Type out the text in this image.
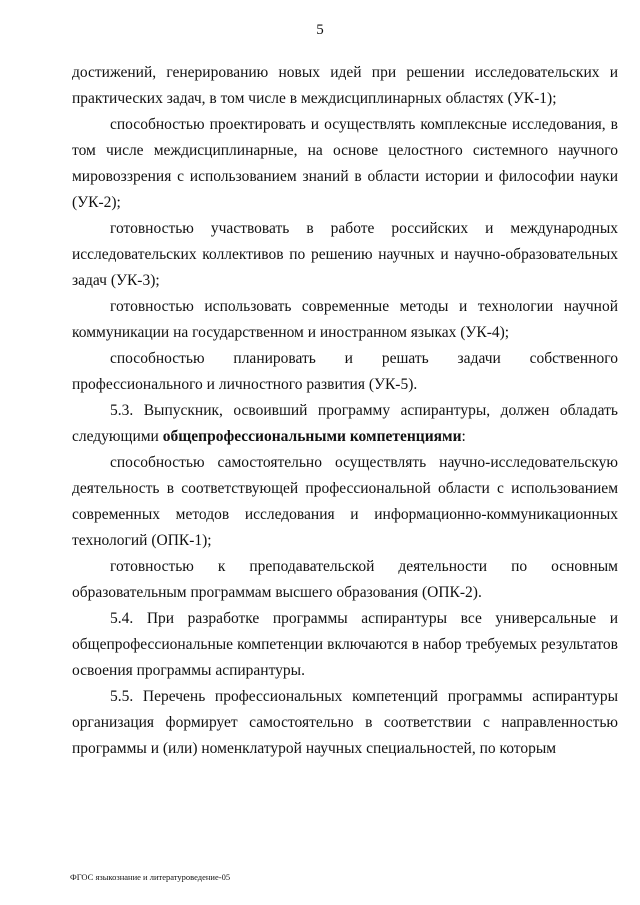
5

достижений, генерированию новых идей при решении исследовательских и практических задач, в том числе в междисциплинарных областях (УК-1);

способностью проектировать и осуществлять комплексные исследования, в том числе междисциплинарные, на основе целостного системного научного мировоззрения с использованием знаний в области истории и философии науки (УК-2);

готовностью участвовать в работе российских и международных исследовательских коллективов по решению научных и научно-образовательных задач (УК-3);

готовностью использовать современные методы и технологии научной коммуникации на государственном и иностранном языках (УК-4);

способностью планировать и решать задачи собственного профессионального и личностного развития (УК-5).

5.3. Выпускник, освоивший программу аспирантуры, должен обладать следующими общепрофессиональными компетенциями:

способностью самостоятельно осуществлять научно-исследовательскую деятельность в соответствующей профессиональной области с использованием современных методов исследования и информационно-коммуникационных технологий (ОПК-1);

готовностью к преподавательской деятельности по основным образовательным программам высшего образования (ОПК-2).

5.4. При разработке программы аспирантуры все универсальные и общепрофессиональные компетенции включаются в набор требуемых результатов освоения программы аспирантуры.

5.5. Перечень профессиональных компетенций программы аспирантуры организация формирует самостоятельно в соответствии с направленностью программы и (или) номенклатурой научных специальностей, по которым

ФГОС языкознание и литературоведение-05
